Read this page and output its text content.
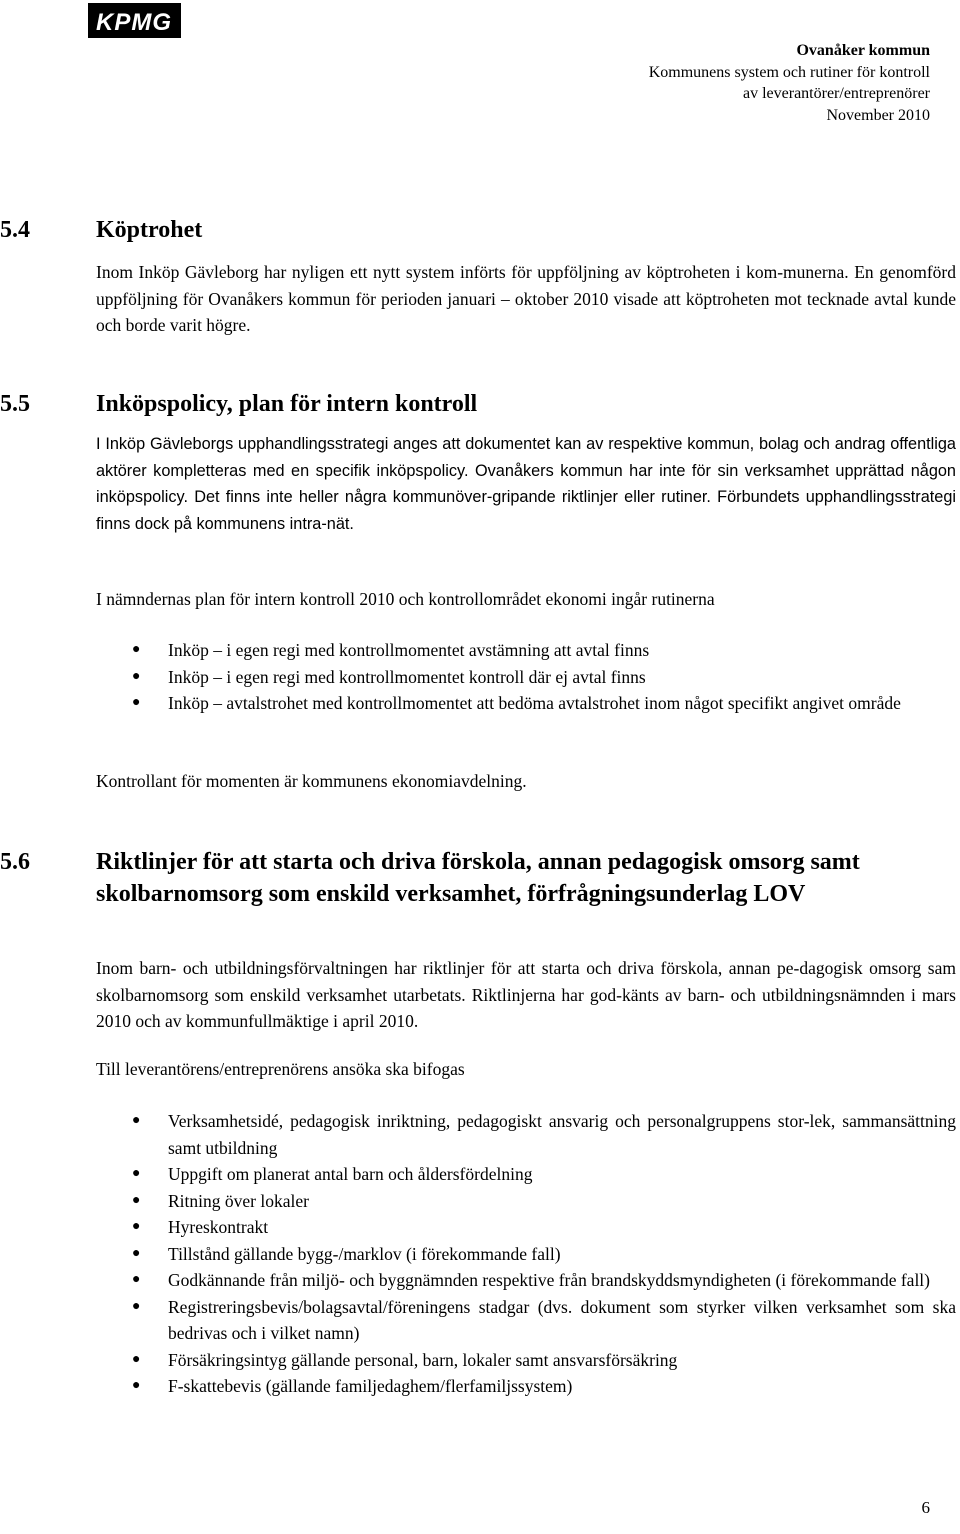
KPMG
Ovanåker kommun
Kommunens system och rutiner för kontroll
av leverantörer/entreprenörer
November 2010
5.4	Köptrohet
Inom Inköp Gävleborg har nyligen ett nytt system införts för uppföljning av köptroheten i kom-munerna. En genomförd uppföljning för Ovanåkers kommun för perioden januari – oktober 2010 visade att köptroheten mot tecknade avtal kunde och borde varit högre.
5.5	Inköpspolicy, plan för intern kontroll
I Inköp Gävleborgs upphandlingsstrategi anges att dokumentet kan av respektive kommun, bolag och andrag offentliga aktörer kompletteras med en specifik inköpspolicy. Ovanåkers kommun har inte för sin verksamhet upprättad någon inköpspolicy. Det finns inte heller några kommunöver-gripande riktlinjer eller rutiner. Förbundets upphandlingsstrategi finns dock på kommunens intra-nät.
I nämndernas plan för intern kontroll 2010 och kontrollområdet ekonomi ingår rutinerna
● Inköp – i egen regi med kontrollmomentet avstämning att avtal finns
● Inköp – i egen regi med kontrollmomentet kontroll där ej avtal finns
● Inköp – avtalstrohet med kontrollmomentet att bedöma avtalstrohet inom något specifikt angivet område
Kontrollant för momenten är kommunens ekonomiavdelning.
5.6	Riktlinjer för att starta och driva förskola, annan pedagogisk omsorg samt skolbarnomsorg som enskild verksamhet, förfrågningsunderlag LOV
Inom barn- och utbildningsförvaltningen har riktlinjer för att starta och driva förskola, annan pe-dagogisk omsorg sam skolbarnomsorg som enskild verksamhet utarbetats. Riktlinjerna har god-känts av barn- och utbildningsnämnden i mars 2010 och av kommunfullmäktige i april 2010.
Till leverantörens/entreprenörens ansöka ska bifogas
● Verksamhetsidé, pedagogisk inriktning, pedagogiskt ansvarig och personalgruppens stor-lek, sammansättning samt utbildning
● Uppgift om planerat antal barn och åldersfördelning
● Ritning över lokaler
● Hyreskontrakt
● Tillstånd gällande bygg-/marklov (i förekommande fall)
● Godkännande från miljö- och byggnämnden respektive från brandskyddsmyndigheten (i förekommande fall)
● Registreringsbevis/bolagsavtal/föreningens stadgar (dvs. dokument som styrker vilken verksamhet som ska bedrivas och i vilket namn)
● Försäkringsintyg gällande personal, barn, lokaler samt ansvarsförsäkring
● F-skattebevis (gällande familjedaghem/flerfamiljssystem)
6
